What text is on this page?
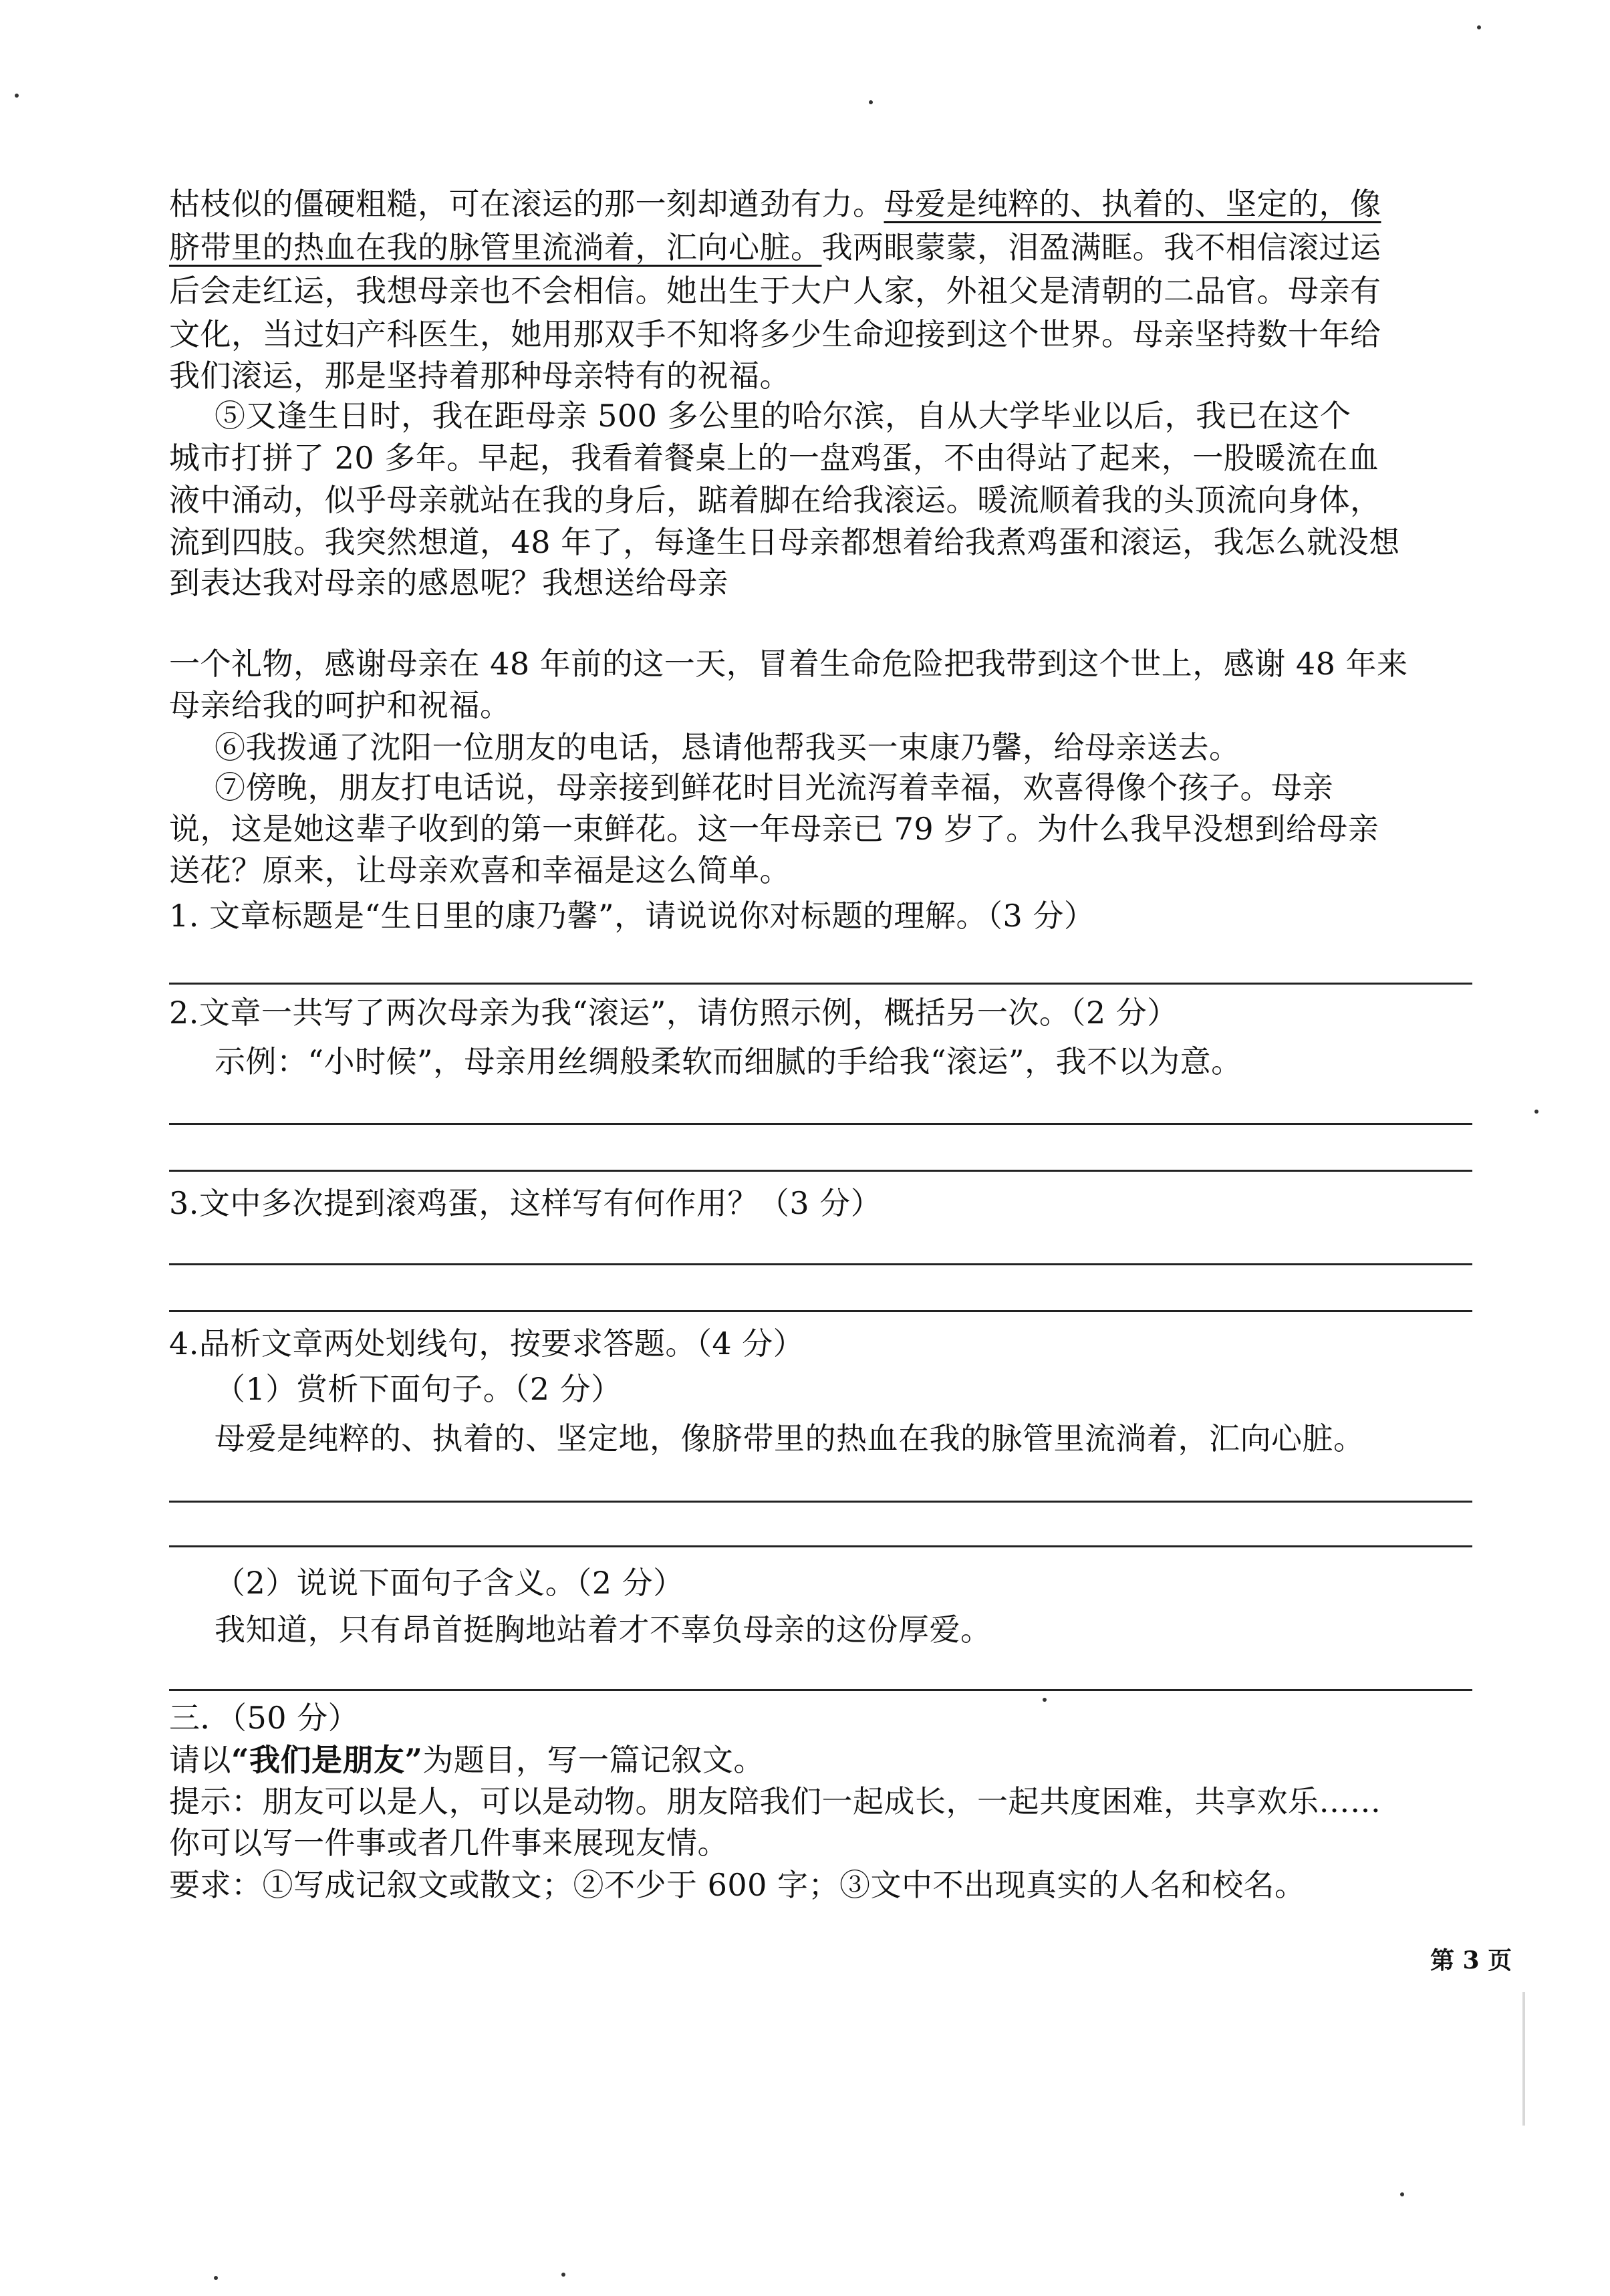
枯枝似的僵硬粗糙，可在滚运的那一刻却遒劲有力。母爱是纯粹的、执着的、坚定的，像
脐带里的热血在我的脉管里流淌着，汇向心脏。我两眼蒙蒙，泪盈满眶。我不相信滚过运
后会走红运，我想母亲也不会相信。她出生于大户人家，外祖父是清朝的二品官。母亲有
文化，当过妇产科医生，她用那双手不知将多少生命迎接到这个世界。母亲坚持数十年给
我们滚运，那是坚持着那种母亲特有的祝福。
⑤又逢生日时，我在距母亲 500 多公里的哈尔滨，自从大学毕业以后，我已在这个
城市打拼了 20 多年。早起，我看着餐桌上的一盘鸡蛋，不由得站了起来，一股暖流在血
液中涌动，似乎母亲就站在我的身后，踮着脚在给我滚运。暖流顺着我的头顶流向身体，
流到四肢。我突然想道，48 年了，每逢生日母亲都想着给我煮鸡蛋和滚运，我怎么就没想
到表达我对母亲的感恩呢？我想送给母亲
一个礼物，感谢母亲在 48 年前的这一天，冒着生命危险把我带到这个世上，感谢 48 年来
母亲给我的呵护和祝福。
⑥我拨通了沈阳一位朋友的电话，恳请他帮我买一束康乃馨，给母亲送去。
⑦傍晚，朋友打电话说，母亲接到鲜花时目光流泻着幸福，欢喜得像个孩子。母亲
说，这是她这辈子收到的第一束鲜花。这一年母亲已 79 岁了。为什么我早没想到给母亲
送花？原来，让母亲欢喜和幸福是这么简单。
1. 文章标题是“生日里的康乃馨”，请说说你对标题的理解。（3 分）
2.文章一共写了两次母亲为我“滚运”，请仿照示例，概括另一次。（2 分）
示例：“小时候”，母亲用丝绸般柔软而细腻的手给我“滚运”，我不以为意。
3.文中多次提到滚鸡蛋，这样写有何作用？（3 分）
4.品析文章两处划线句，按要求答题。（4 分）
（1）赏析下面句子。（2 分）
母爱是纯粹的、执着的、坚定地，像脐带里的热血在我的脉管里流淌着，汇向心脏。
（2）说说下面句子含义。（2 分）
我知道，只有昂首挺胸地站着才不辜负母亲的这份厚爱。
三．（50 分）
请以“我们是朋友”为题目，写一篇记叙文。
提示：朋友可以是人，可以是动物。朋友陪我们一起成长，一起共度困难，共享欢乐……
你可以写一件事或者几件事来展现友情。
要求：①写成记叙文或散文；②不少于 600 字；③文中不出现真实的人名和校名。
第 3 页
